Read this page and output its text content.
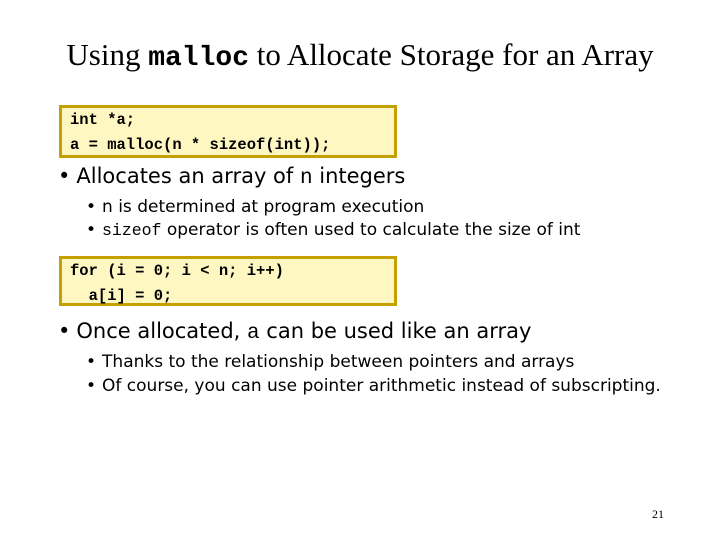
Using malloc to Allocate Storage for an Array
int *a;
a = malloc(n * sizeof(int));
• Allocates an array of n integers
• n is determined at program execution
• sizeof operator is often used to calculate the size of int
for (i = 0; i < n; i++)
a[i] = 0;
• Once allocated, a can be used like an array
• Thanks to the relationship between pointers and arrays
• Of course, you can use pointer arithmetic instead of subscripting.
21
